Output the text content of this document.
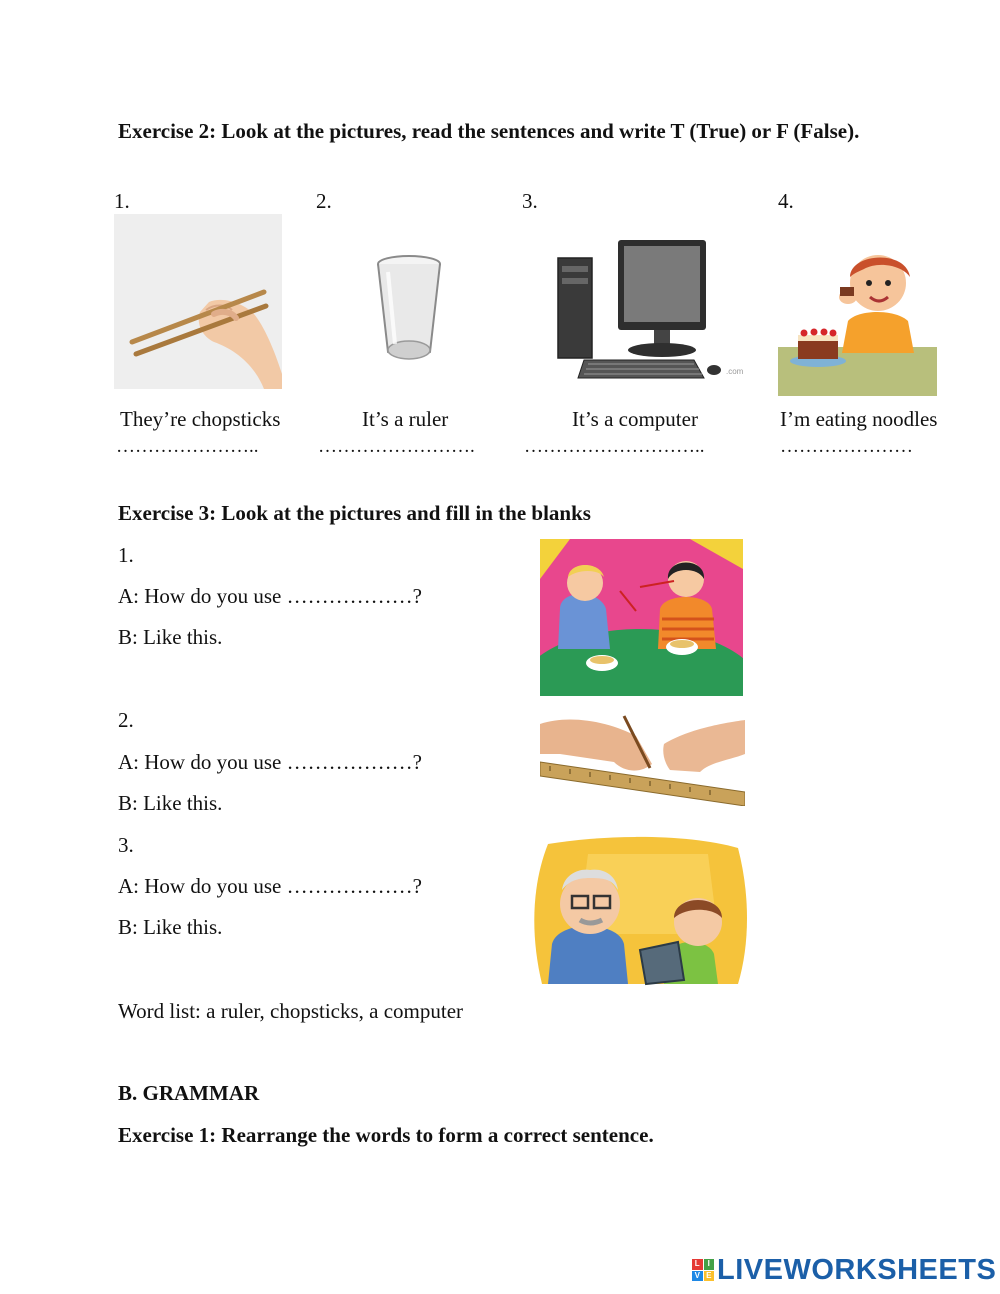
Exercise 2: Look at the pictures, read the sentences and write T (True) or F (False).
1.	2.	3.	4.
.com
They’re chopsticks	It’s a ruler	It’s a computer	I’m eating noodles
…………………..	…………………….	………………………..	…………………
Exercise 3: Look at the pictures and fill in the blanks
1.
A: How do you use ………………?
B: Like this.
2.
A: How do you use ………………?
B: Like this.
3.
A: How do you use ………………?
B: Like this.
Word list: a ruler, chopsticks, a computer
B. GRAMMAR
Exercise 1: Rearrange the words to form a correct sentence.
L I
V E LIVEWORKSHEETS
